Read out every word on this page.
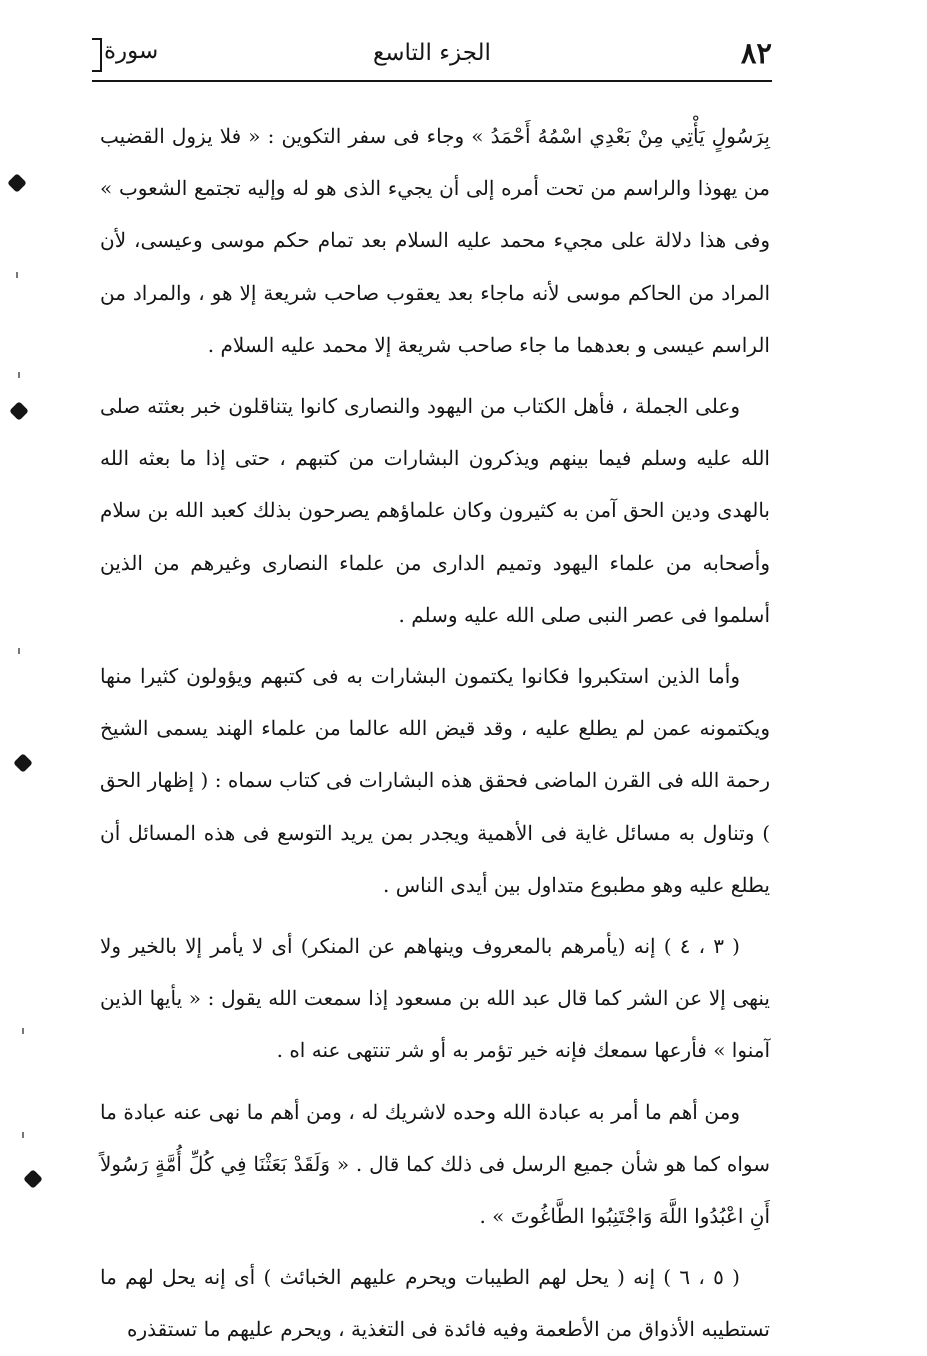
٨٢
الجزء التاسع
سورة

بِرَسُولٍ يَأْتِي مِنْ بَعْدِي اسْمُهُ أَحْمَدُ » وجاء فى سفر التكوين : « فلا يزول القضيب من يهوذا والراسم من تحت أمره إلى أن يجيء الذى هو له وإليه تجتمع الشعوب » وفى هذا دلالة على مجيء محمد عليه السلام بعد تمام حكم موسى وعيسى، لأن المراد من الحاكم موسى لأنه ماجاء بعد يعقوب صاحب شريعة إلا هو ، والمراد من الراسم عيسى و بعدهما ما جاء صاحب شريعة إلا محمد عليه السلام .

وعلى الجملة ، فأهل الكتاب من اليهود والنصارى كانوا يتناقلون خبر بعثته صلى الله عليه وسلم فيما بينهم ويذكرون البشارات من كتبهم ، حتى إذا ما بعثه الله بالهدى ودين الحق آمن به كثيرون وكان علماؤهم يصرحون بذلك كعبد الله بن سلام وأصحابه من علماء اليهود وتميم الدارى من علماء النصارى وغيرهم من الذين أسلموا فى عصر النبى صلى الله عليه وسلم .

وأما الذين استكبروا فكانوا يكتمون البشارات به فى كتبهم ويؤولون كثيرا منها ويكتمونه عمن لم يطلع عليه ، وقد قيض الله عالما من علماء الهند يسمى الشيخ رحمة الله فى القرن الماضى فحقق هذه البشارات فى كتاب سماه : ( إظهار الحق ) وتناول به مسائل غاية فى الأهمية ويجدر بمن يريد التوسع فى هذه المسائل أن يطلع عليه وهو مطبوع متداول بين أيدى الناس .

( ٣ ، ٤ ) إنه (يأمرهم بالمعروف وينهاهم عن المنكر) أى لا يأمر إلا بالخير ولا ينهى إلا عن الشر كما قال عبد الله بن مسعود إذا سمعت الله يقول : « يأيها الذين آمنوا » فأرعها سمعك فإنه خير تؤمر به أو شر تنتهى عنه اه .

ومن أهم ما أمر به عبادة الله وحده لاشريك له ، ومن أهم ما نهى عنه عبادة ما سواه كما هو شأن جميع الرسل فى ذلك كما قال . « وَلَقَدْ بَعَثْنَا فِي كُلِّ أُمَّةٍ رَسُولاً أَنِ اعْبُدُوا اللَّهَ وَاجْتَنِبُوا الطَّاغُوتَ » .

( ٥ ، ٦ ) إنه ( يحل لهم الطيبات ويحرم عليهم الخبائث ) أى إنه يحل لهم ما تستطيبه الأذواق من الأطعمة وفيه فائدة فى التغذية ، ويحرم عليهم ما تستقذره
